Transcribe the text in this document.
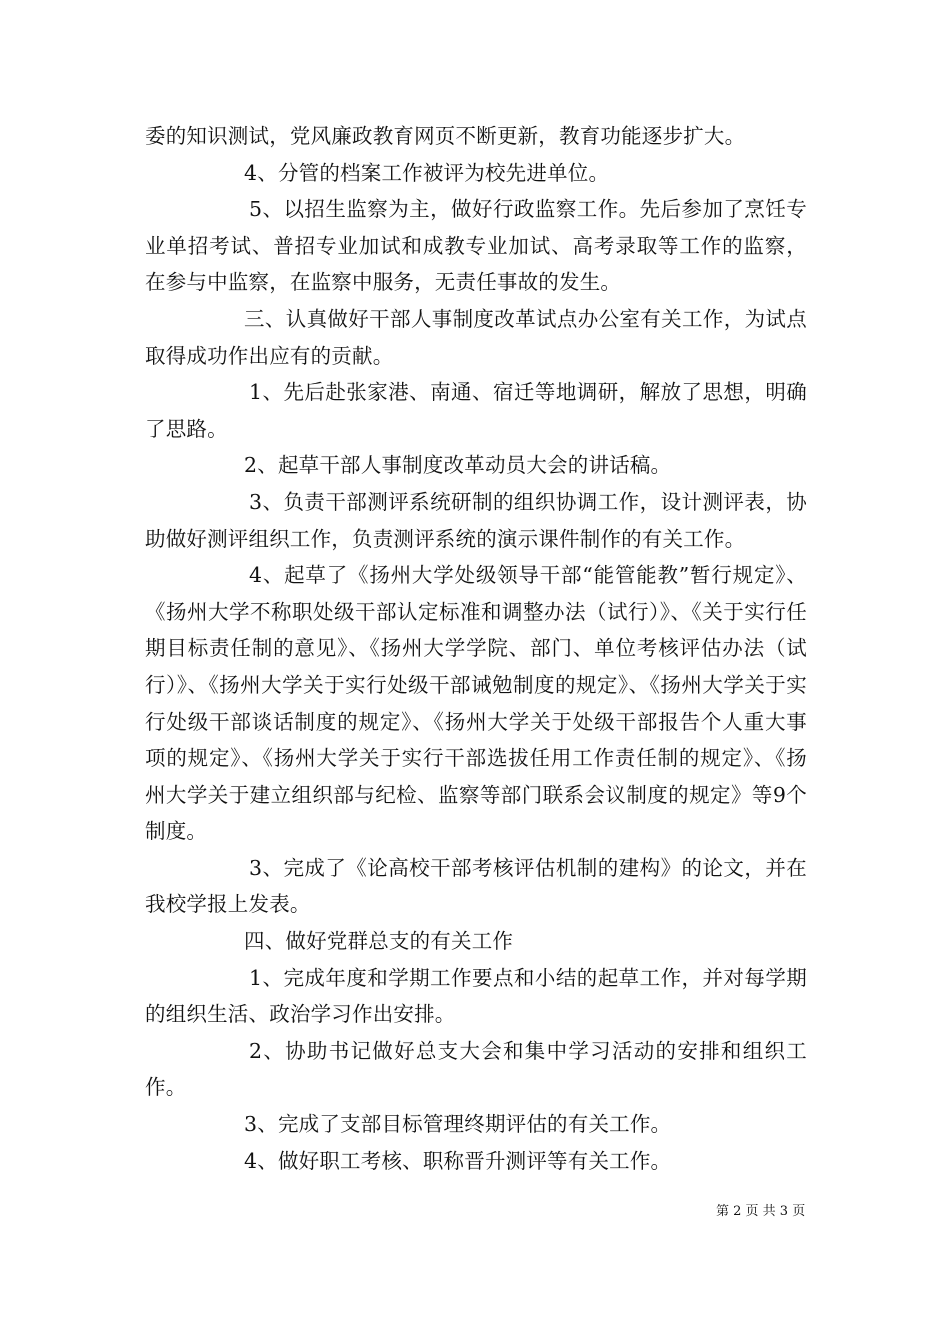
委的知识测试，党风廉政教育网页不断更新，教育功能逐步扩大。

4、分管的档案工作被评为校先进单位。

5、以招生监察为主，做好行政监察工作。先后参加了烹饪专业单招考试、普招专业加试和成教专业加试、高考录取等工作的监察，在参与中监察，在监察中服务，无责任事故的发生。

三、认真做好干部人事制度改革试点办公室有关工作，为试点取得成功作出应有的贡献。

1、先后赴张家港、南通、宿迁等地调研，解放了思想，明确了思路。

2、起草干部人事制度改革动员大会的讲话稿。

3、负责干部测评系统研制的组织协调工作，设计测评表，协助做好测评组织工作，负责测评系统的演示课件制作的有关工作。

4、起草了《扬州大学处级领导干部“能管能教”暂行规定》、《扬州大学不称职处级干部认定标准和调整办法（试行）》、《关于实行任期目标责任制的意见》、《扬州大学学院、部门、单位考核评估办法（试行）》、《扬州大学关于实行处级干部诫勉制度的规定》、《扬州大学关于实行处级干部谈话制度的规定》、《扬州大学关于处级干部报告个人重大事项的规定》、《扬州大学关于实行干部选拔任用工作责任制的规定》、《扬州大学关于建立组织部与纪检、监察等部门联系会议制度的规定》等9个制度。

3、完成了《论高校干部考核评估机制的建构》的论文，并在我校学报上发表。

四、做好党群总支的有关工作

1、完成年度和学期工作要点和小结的起草工作，并对每学期的组织生活、政治学习作出安排。

2、协助书记做好总支大会和集中学习活动的安排和组织工作。

3、完成了支部目标管理终期评估的有关工作。

4、做好职工考核、职称晋升测评等有关工作。

第 2 页 共 3 页
